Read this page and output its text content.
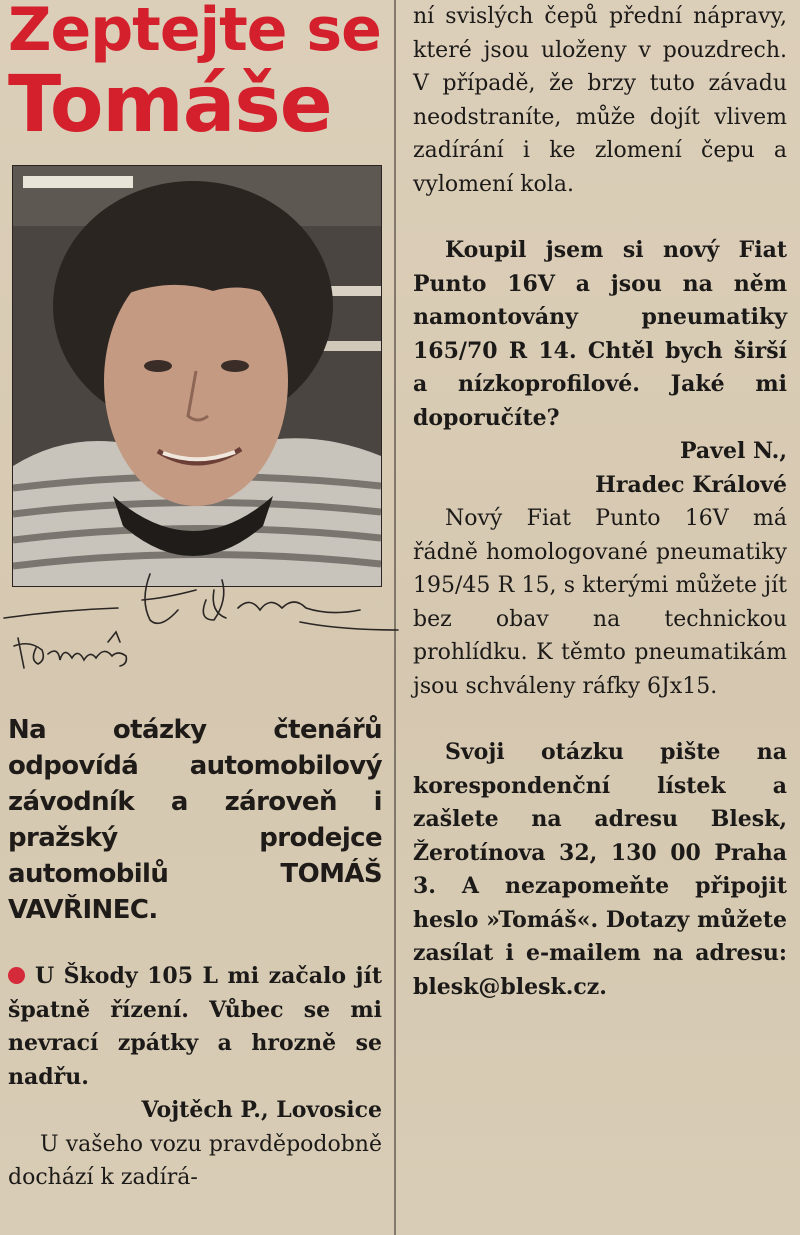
Zeptejte se
Tomáše
Na otázky čtenářů odpovídá automobilový závodník a zároveň i pražský prodejce automobilů TOMÁŠ VAVŘINEC.

U Škody 105 L mi začalo jít špatně řízení. Vůbec se mi nevrací zpátky a hrozně se nadřu.

Vojtěch P., Lovosice

U vašeho vozu pravděpodobně dochází k zadírá-

ní svislých čepů přední nápravy, které jsou uloženy v pouzdrech. V případě, že brzy tuto závadu neodstraníte, může dojít vlivem zadírání i ke zlomení čepu a vylomení kola.

Koupil jsem si nový Fiat Punto 16V a jsou na něm namontovány pneumatiky 165/70 R 14. Chtěl bych širší a nízkoprofilové. Jaké mi doporučíte?

Pavel N.,

Hradec Králové

Nový Fiat Punto 16V má řádně homologované pneumatiky 195/45 R 15, s kterými můžete jít bez obav na technickou prohlídku. K těmto pneumatikám jsou schváleny ráfky 6Jx15.

Svoji otázku pište na korespondenční lístek a zašlete na adresu Blesk, Žerotínova 32, 130 00 Praha 3. A nezapomeňte připojit heslo »Tomáš«. Dotazy můžete zasílat i e-mailem na adresu: blesk@blesk.cz.
